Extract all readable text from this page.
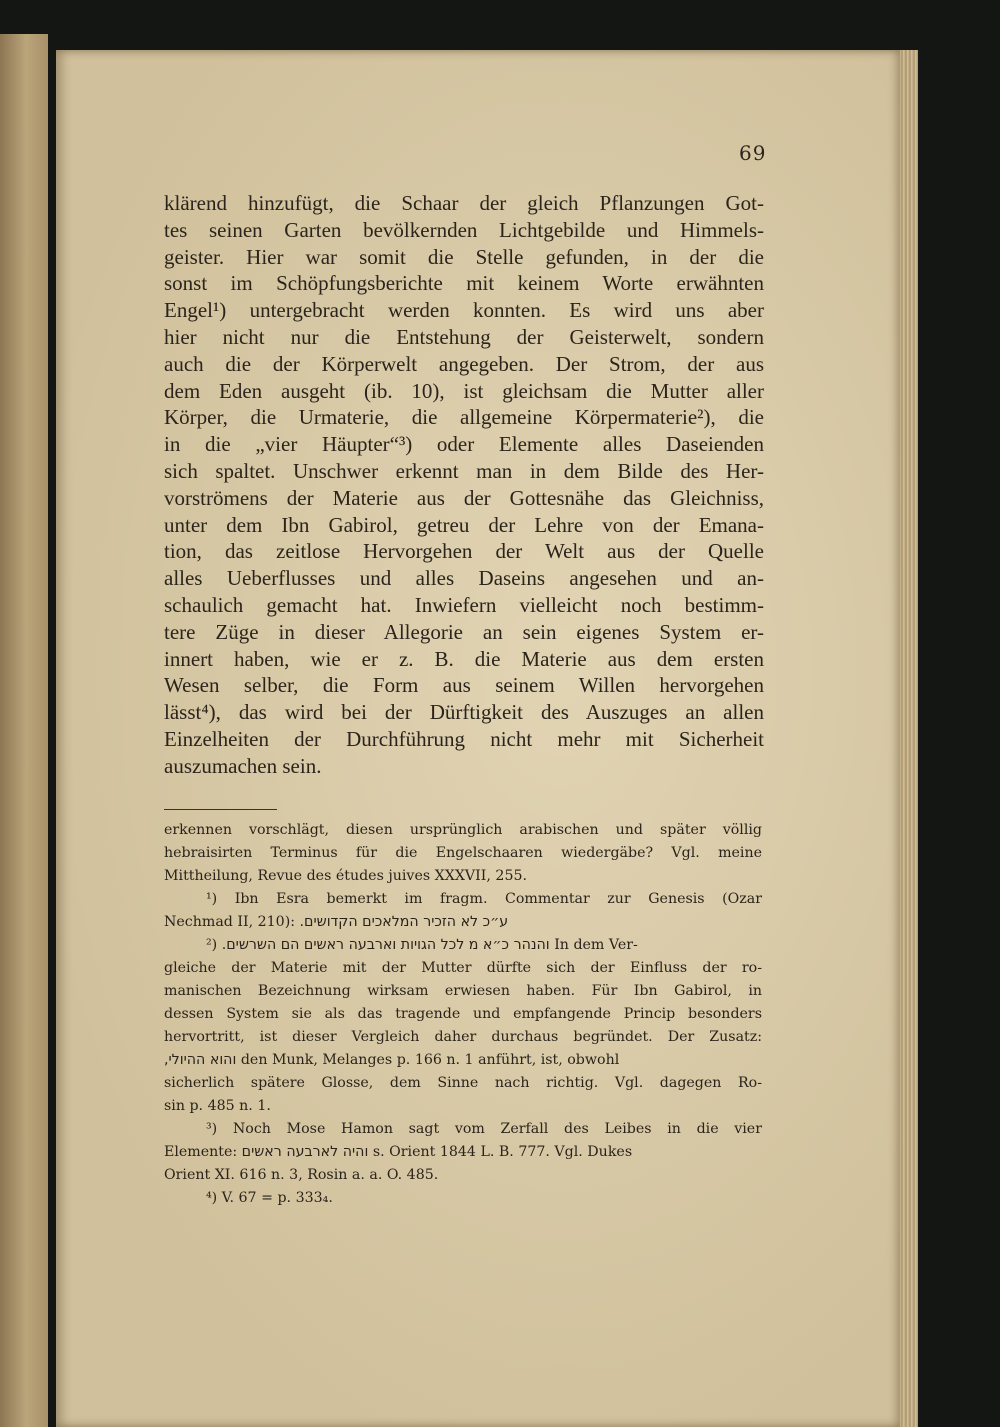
69
klärend hinzufügt, die Schaar der gleich Pflanzungen Got-
tes seinen Garten bevölkernden Lichtgebilde und Himmels-
geister. Hier war somit die Stelle gefunden, in der die
sonst im Schöpfungsberichte mit keinem Worte erwähnten
Engel¹) untergebracht werden konnten. Es wird uns aber
hier nicht nur die Entstehung der Geisterwelt, sondern
auch die der Körperwelt angegeben. Der Strom, der aus
dem Eden ausgeht (ib. 10), ist gleichsam die Mutter aller
Körper, die Urmaterie, die allgemeine Körpermaterie²), die
in die „vier Häupter“³) oder Elemente alles Daseienden
sich spaltet. Unschwer erkennt man in dem Bilde des Her-
vorströmens der Materie aus der Gottesnähe das Gleichniss,
unter dem Ibn Gabirol, getreu der Lehre von der Emana-
tion, das zeitlose Hervorgehen der Welt aus der Quelle
alles Ueberflusses und alles Daseins angesehen und an-
schaulich gemacht hat. Inwiefern vielleicht noch bestimm-
tere Züge in dieser Allegorie an sein eigenes System er-
innert haben, wie er z. B. die Materie aus dem ersten
Wesen selber, die Form aus seinem Willen hervorgehen
lässt⁴), das wird bei der Dürftigkeit des Auszuges an allen
Einzelheiten der Durchführung nicht mehr mit Sicherheit
auszumachen sein.
erkennen vorschlägt, diesen ursprünglich arabischen und später völlig
hebraisirten Terminus für die Engelschaaren wiedergäbe? Vgl. meine
Mittheilung, Revue des études juives XXXVII, 255.
¹) Ibn Esra bemerkt im fragm. Commentar zur Genesis (Ozar
Nechmad II, 210): ע״כ לא הזכיר המלאכים הקדושים.
²) והנהר כ״א מ לכל הגויות וארבעה ראשים הם השרשים. In dem Ver-
gleiche der Materie mit der Mutter dürfte sich der Einfluss der ro-
manischen Bezeichnung wirksam erwiesen haben. Für Ibn Gabirol, in
dessen System sie als das tragende und empfangende Princip besonders
hervortritt, ist dieser Vergleich daher durchaus begründet. Der Zusatz:
והוא ההיולי, den Munk, Melanges p. 166 n. 1 anführt, ist, obwohl
sicherlich spätere Glosse, dem Sinne nach richtig. Vgl. dagegen Ro-
sin p. 485 n. 1.
³) Noch Mose Hamon sagt vom Zerfall des Leibes in die vier
Elemente: והיה לארבעה ראשים s. Orient 1844 L. B. 777. Vgl. Dukes
Orient XI. 616 n. 3, Rosin a. a. O. 485.
⁴) V. 67 = p. 333₄.
